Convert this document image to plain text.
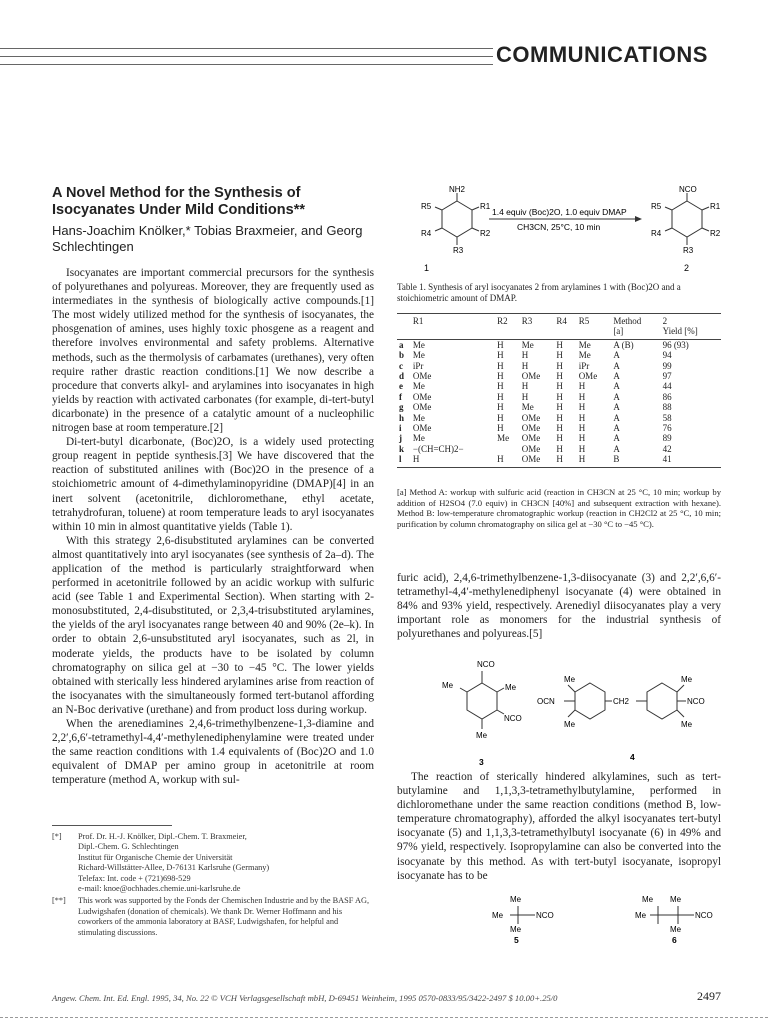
COMMUNICATIONS
A Novel Method for the Synthesis of
Isocyanates Under Mild Conditions**
Hans-Joachim Knölker,* Tobias Braxmeier, and Georg
Schlechtingen

Isocyanates are important commercial precursors for the synthesis of polyurethanes and polyureas. Moreover, they are frequently used as intermediates in the synthesis of biologically active compounds.[1] The most widely utilized method for the synthesis of isocyanates, the phosgenation of amines, uses highly toxic phosgene as a reagent and therefore involves environmental and safety problems. Alternative methods, such as the thermolysis of carbamates (urethanes), very often require rather drastic reaction conditions.[1] We now describe a procedure that converts alkyl- and arylamines into isocyanates in high yields by reaction with activated carbonates (for example, di-tert-butyl dicarbonate) in the presence of a catalytic amount of a nucleophilic nitrogen base at room temperature.[2]

Di-tert-butyl dicarbonate, (Boc)2O, is a widely used protecting group reagent in peptide synthesis.[3] We have discovered that the reaction of substituted anilines with (Boc)2O in the presence of a stoichiometric amount of 4-dimethylaminopyridine (DMAP)[4] in an inert solvent (acetonitrile, dichloromethane, ethyl acetate, tetrahydrofuran, toluene) at room temperature leads to aryl isocyanates within 10 min in almost quantitative yields (Table 1).

With this strategy 2,6-disubstituted arylamines can be converted almost quantitatively into aryl isocyanates (see synthesis of 2a–d). The application of the method is particularly straightforward when performed in acetonitrile followed by an acidic workup with sulfuric acid (see Table 1 and Experimental Section). When starting with 2-monosubstituted, 2,4-disubstituted, or 2,3,4-trisubstituted arylamines, the yields of the aryl isocyanates range between 40 and 90% (2e–k). In order to obtain 2,6-unsubstituted aryl isocyanates, such as 2l, in moderate yields, the products have to be isolated by column chromatography on silica gel at −30 to −45 °C. The lower yields obtained with sterically less hindered arylamines arise from reaction of the isocyanates with the simultaneously formed tert-butanol affording an N-Boc derivative (urethane) and from product loss during workup.

When the arenediamines 2,4,6-trimethylbenzene-1,3-diamine and 2,2′,6,6′-tetramethyl-4,4′-methylenediphenylamine were treated under the same reaction conditions with 1.4 equivalents of (Boc)2O and 1.0 equivalent of DMAP per amino group in acetonitrile at room temperature (method A, workup with sul-

NH2
R1
R2
R3
R4
R5
1
1.4 equiv (Boc)2O, 1.0 equiv DMAP
CH3CN, 25°C, 10 min
NCO
R1
R2
R3
R4
R5
2
Table 1. Synthesis of aryl isocyanates 2 from arylamines 1 with (Boc)2O and a stoichiometric amount of DMAP.
	R1	R2	R3	R4	R5	Method	2
						[a]	Yield [%]
a	Me	H	Me	H	Me	A (B)	96 (93)
b	Me	H	H	H	Me	A	94
c	iPr	H	H	H	iPr	A	99
d	OMe	H	OMe	H	OMe	A	97
e	Me	H	H	H	H	A	44
f	OMe	H	H	H	H	A	86
g	OMe	H	Me	H	H	A	88
h	Me	H	OMe	H	H	A	58
i	OMe	H	OMe	H	H	A	76
j	Me	Me	OMe	H	H	A	89
k	−(CH=CH)2−		OMe	H	H	A	42
l	H	H	OMe	H	H	B	41
[a] Method A: workup with sulfuric acid (reaction in CH3CN at 25 °C, 10 min; workup by addition of H2SO4 (7.0 equiv) in CH3CN [40%] and subsequent extraction with hexane). Method B: low-temperature chromatographic workup (reaction in CH2Cl2 at 25 °C, 10 min; purification by column chromatography on silica gel at −30 °C to −45 °C).

furic acid), 2,4,6-trimethylbenzene-1,3-diisocyanate (3) and 2,2′,6,6′-tetramethyl-4,4′-methylenediphenyl isocyanate (4) were obtained in 84% and 93% yield, respectively. Arenediyl diisocyanates play a very important role as monomers for the industrial synthesis of polyurethanes and polyureas.[5]

NCO
Me
NCO
Me
Me
3
OCN	CH2	NCO
Me
Me
Me
Me
4

The reaction of sterically hindered alkylamines, such as tert-butylamine and 1,1,3,3-tetramethylbutylamine, performed in dichloromethane under the same reaction conditions (method B, low-temperature chromatography), afforded the alkyl isocyanates tert-butyl isocyanate (5) and 1,1,3,3-tetramethylbutyl isocyanate (6) in 49% and 97% yield, respectively. Isopropylamine can also be converted into the isocyanate by this method. As with tert-butyl isocyanate, isopropyl isocyanate has to be

Me
Me
Me
NCO
5
Me
Me
Me
Me
NCO
6
[*] Prof. Dr. H.-J. Knölker, Dipl.-Chem. T. Braxmeier,
Dipl.-Chem. G. Schlechtingen
Institut für Organische Chemie der Universität
Richard-Willstätter-Allee, D-76131 Karlsruhe (Germany)
Telefax: Int. code + (721)698-529
e-mail: knoe@ochhades.chemie.uni-karlsruhe.de
[**] This work was supported by the Fonds der Chemischen Industrie and by the BASF AG, Ludwigshafen (donation of chemicals). We thank Dr. Werner Hoffmann and his coworkers of the ammonia laboratory at BASF, Ludwigshafen, for helpful and stimulating discussions.
Angew. Chem. Int. Ed. Engl. 1995, 34, No. 22 © VCH Verlagsgesellschaft mbH, D-69451 Weinheim, 1995 0570-0833/95/3422-2497 $ 10.00+.25/0	2497
